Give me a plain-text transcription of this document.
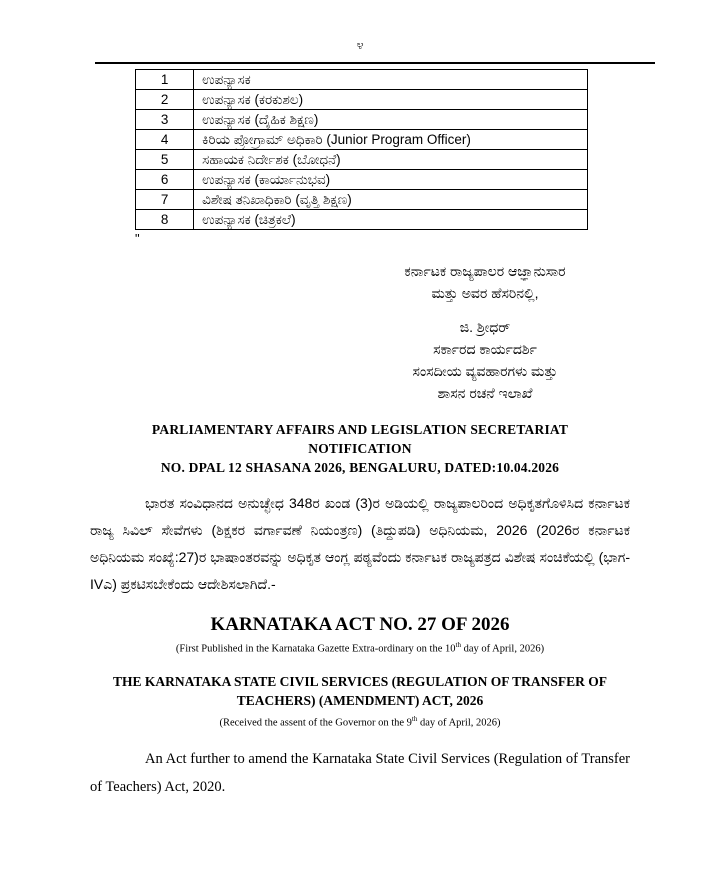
೪
1	ಉಪನ್ಯಾಸಕ
2	ಉಪನ್ಯಾಸಕ (ಕರಕುಶಲ)
3	ಉಪನ್ಯಾಸಕ (ದೈಹಿಕ ಶಿಕ್ಷಣ)
4	ಕಿರಿಯ ಪ್ರೋಗ್ರಾಮ್ ಅಧಿಕಾರಿ (Junior Program Officer)
5	ಸಹಾಯಕ ನಿರ್ದೇಶಕ (ಬೋಧನೆ)
6	ಉಪನ್ಯಾಸಕ (ಕಾರ್ಯಾನುಭವ)
7	ವಿಶೇಷ ತನಿಖಾಧಿಕಾರಿ (ವೃತ್ತಿ ಶಿಕ್ಷಣ)
8	ಉಪನ್ಯಾಸಕ (ಚಿತ್ರಕಲೆ)
"
ಕರ್ನಾಟಕ ರಾಜ್ಯಪಾಲರ ಆಜ್ಞಾನುಸಾರ
ಮತ್ತು ಅವರ ಹೆಸರಿನಲ್ಲಿ,
ಜಿ. ಶ್ರೀಧರ್
ಸರ್ಕಾರದ ಕಾರ್ಯದರ್ಶಿ
ಸಂಸದೀಯ ವ್ಯವಹಾರಗಳು ಮತ್ತು
ಶಾಸನ ರಚನೆ ಇಲಾಖೆ
PARLIAMENTARY AFFAIRS AND LEGISLATION SECRETARIAT
NOTIFICATION
NO. DPAL 12 SHASANA 2026, BENGALURU, DATED:10.04.2026

ಭಾರತ ಸಂವಿಧಾನದ ಅನುಚ್ಛೇಧ 348ರ ಖಂಡ (3)ರ ಅಡಿಯಲ್ಲಿ ರಾಜ್ಯಪಾಲರಿಂದ ಅಧಿಕೃತಗೊಳಿಸಿದ ಕರ್ನಾಟಕ ರಾಜ್ಯ ಸಿವಿಲ್ ಸೇವೆಗಳು (ಶಿಕ್ಷಕರ ವರ್ಗಾವಣೆ ನಿಯಂತ್ರಣ) (ತಿದ್ದುಪಡಿ) ಅಧಿನಿಯಮ, 2026 (2026ರ ಕರ್ನಾಟಕ ಅಧಿನಿಯಮ ಸಂಖ್ಯೆ:27)ರ ಭಾಷಾಂತರವನ್ನು ಅಧಿಕೃತ ಆಂಗ್ಲ ಪಠ್ಯವೆಂದು ಕರ್ನಾಟಕ ರಾಜ್ಯಪತ್ರದ ವಿಶೇಷ ಸಂಚಿಕೆಯಲ್ಲಿ (ಭಾಗ-IVಎ) ಪ್ರಕಟಿಸಬೇಕೆಂದು ಆದೇಶಿಸಲಾಗಿದೆ.-

KARNATAKA ACT NO. 27 OF 2026
(First Published in the Karnataka Gazette Extra-ordinary on the 10th day of April, 2026)
THE KARNATAKA STATE CIVIL SERVICES (REGULATION OF TRANSFER OF
TEACHERS) (AMENDMENT) ACT, 2026
(Received the assent of the Governor on the 9th day of April, 2026)

An Act further to amend the Karnataka State Civil Services (Regulation of Transfer of Teachers) Act, 2020.
